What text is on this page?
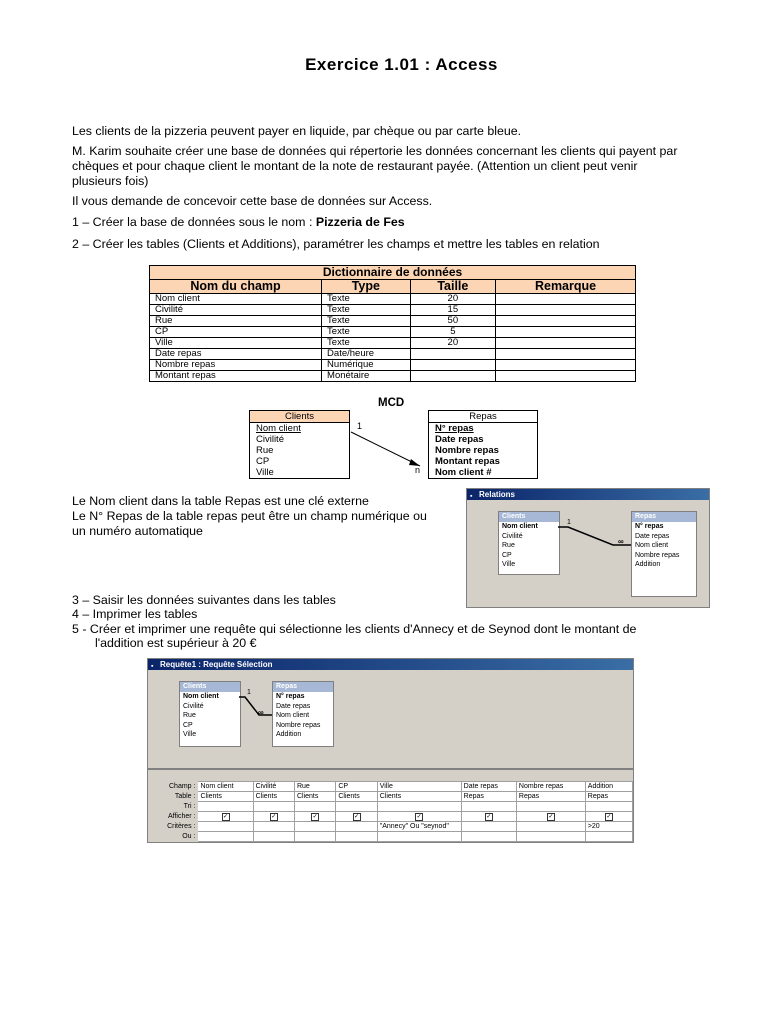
Exercice 1.01 : Access
Les clients de la pizzeria peuvent payer en liquide, par chèque ou par carte bleue.
M. Karim souhaite créer une base de données qui répertorie les données concernant les clients qui payent par
chèques et pour chaque client le montant de la note de restaurant payée. (Attention un client peut venir
plusieurs fois)
Il vous demande de concevoir cette base de données sur Access.
1 – Créer la base de données sous le nom : Pizzeria de Fes
2 – Créer les tables (Clients et Additions), paramétrer les champs et mettre les tables en relation
Dictionnaire de données			
Nom du champ	Type	Taille	Remarque
Nom client	Texte	20	
Civilité	Texte	15	
Rue	Texte	50	
CP	Texte	5	
Ville	Texte	20	
Date repas	Date/heure		
Nombre repas	Numérique		
Montant repas	Monétaire		
MCD
Clients
Nom client
Civilité
Rue
CP
Ville
Repas
N° repas
Date repas
Nombre repas
Montant repas
Nom client #
1
n
Le Nom client dans la table Repas est une clé externe
Le N° Repas de la table repas peut être un champ numérique ou
un numéro automatique
▪ Relations
Clients
Nom client
Civilité
Rue
CP
Ville
Repas
N° repas
Date repas
Nom client
Nombre repas
Addition
1
∞
3 – Saisir les données suivantes dans les tables
4 – Imprimer les tables
5 - Créer et imprimer une requête qui sélectionne les clients d'Annecy et de Seynod dont le montant de
l'addition est supérieur à 20 €
▪ Requête1 : Requête Sélection
Clients
Nom client
Civilité
Rue
CP
Ville
Repas
N° repas
Date repas
Nom client
Nombre repas
Addition
1
∞
Champ :	Nom client	Civilité	Rue	CP	Ville	Date repas	Nombre repas	Addition
Table :	Clients	Clients	Clients	Clients	Clients	Repas	Repas	Repas
Tri :								
Afficher :	✓	✓	✓	✓	✓	✓	✓	✓
Critères :					"Annecy" Ou "seynod"			>20
Ou :								
